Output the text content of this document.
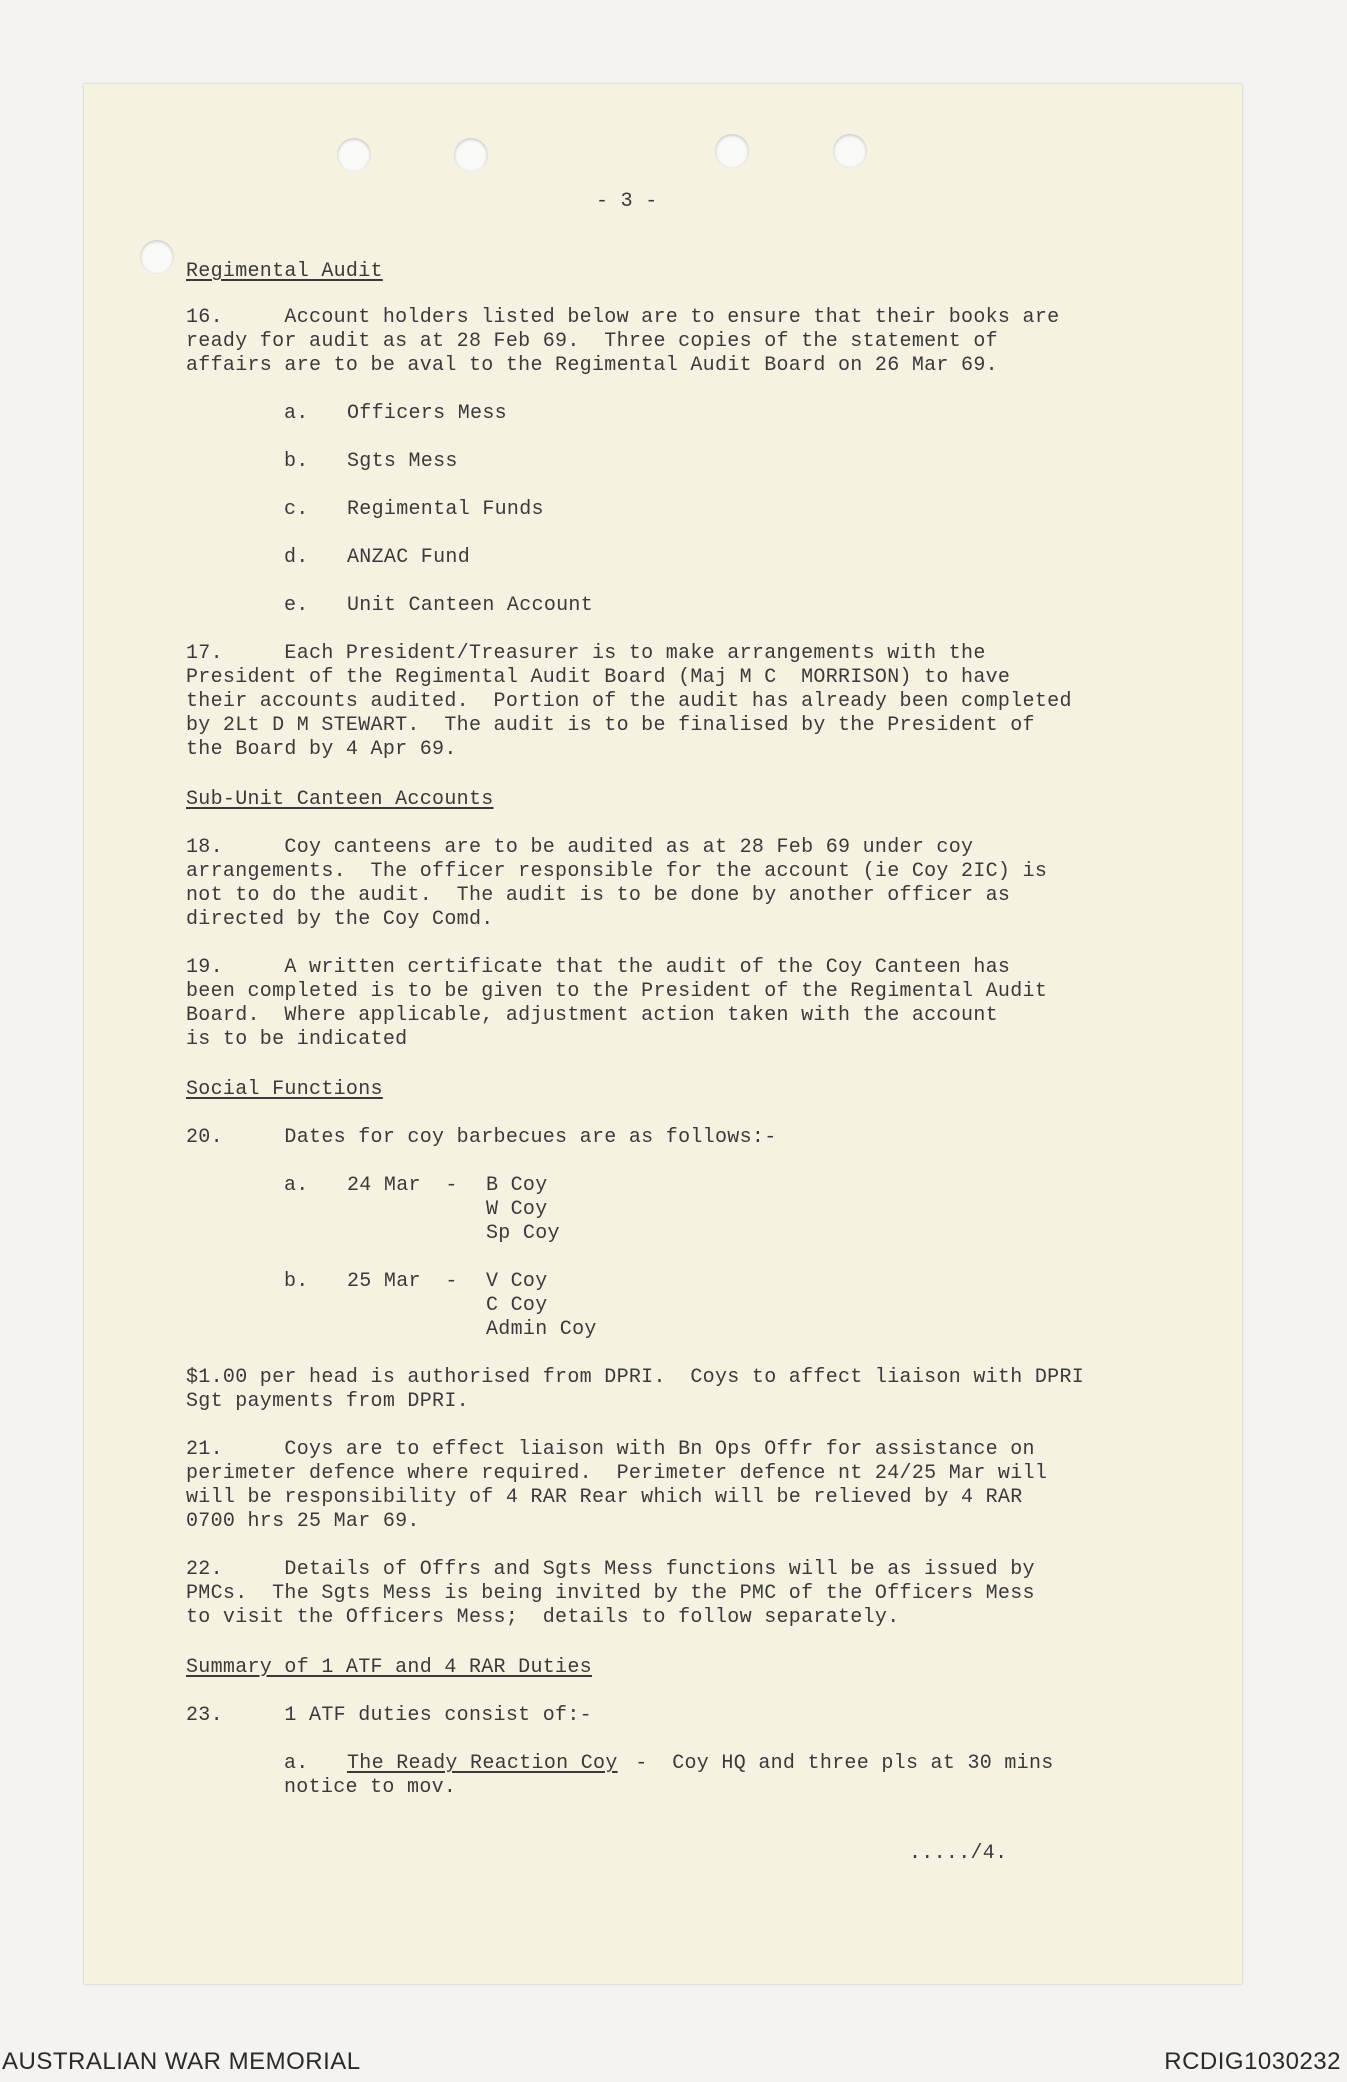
- 3 -
Regimental Audit
16.     Account holders listed below are to ensure that their books are
ready for audit as at 28 Feb 69.  Three copies of the statement of
affairs are to be aval to the Regimental Audit Board on 26 Mar 69.
a. Officers Mess
b. Sgts Mess
c. Regimental Funds
d. ANZAC Fund
e. Unit Canteen Account
17.     Each President/Treasurer is to make arrangements with the
President of the Regimental Audit Board (Maj M C  MORRISON) to have
their accounts audited.  Portion of the audit has already been completed
by 2Lt D M STEWART.  The audit is to be finalised by the President of
the Board by 4 Apr 69.
Sub-Unit Canteen Accounts
18.     Coy canteens are to be audited as at 28 Feb 69 under coy
arrangements.  The officer responsible for the account (ie Coy 2IC) is
not to do the audit.  The audit is to be done by another officer as
directed by the Coy Comd.
19.     A written certificate that the audit of the Coy Canteen has
been completed is to be given to the President of the Regimental Audit
Board.  Where applicable, adjustment action taken with the account
is to be indicated
Social Functions
20.     Dates for coy barbecues are as follows:-
a. 24 Mar  - B Coy
W Coy
Sp Coy
b. 25 Mar  - V Coy
C Coy
Admin Coy
$1.00 per head is authorised from DPRI.  Coys to affect liaison with DPRI
Sgt payments from DPRI.
21.     Coys are to effect liaison with Bn Ops Offr for assistance on
perimeter defence where required.  Perimeter defence nt 24/25 Mar will
will be responsibility of 4 RAR Rear which will be relieved by 4 RAR
0700 hrs 25 Mar 69.
22.     Details of Offrs and Sgts Mess functions will be as issued by
PMCs.  The Sgts Mess is being invited by the PMC of the Officers Mess
to visit the Officers Mess;  details to follow separately.
Summary of 1 ATF and 4 RAR Duties
23.     1 ATF duties consist of:-
a. The Ready Reaction Coy -  Coy HQ and three pls at 30 mins
notice to mov.
...../4.
AUSTRALIAN WAR MEMORIAL	RCDIG1030232
